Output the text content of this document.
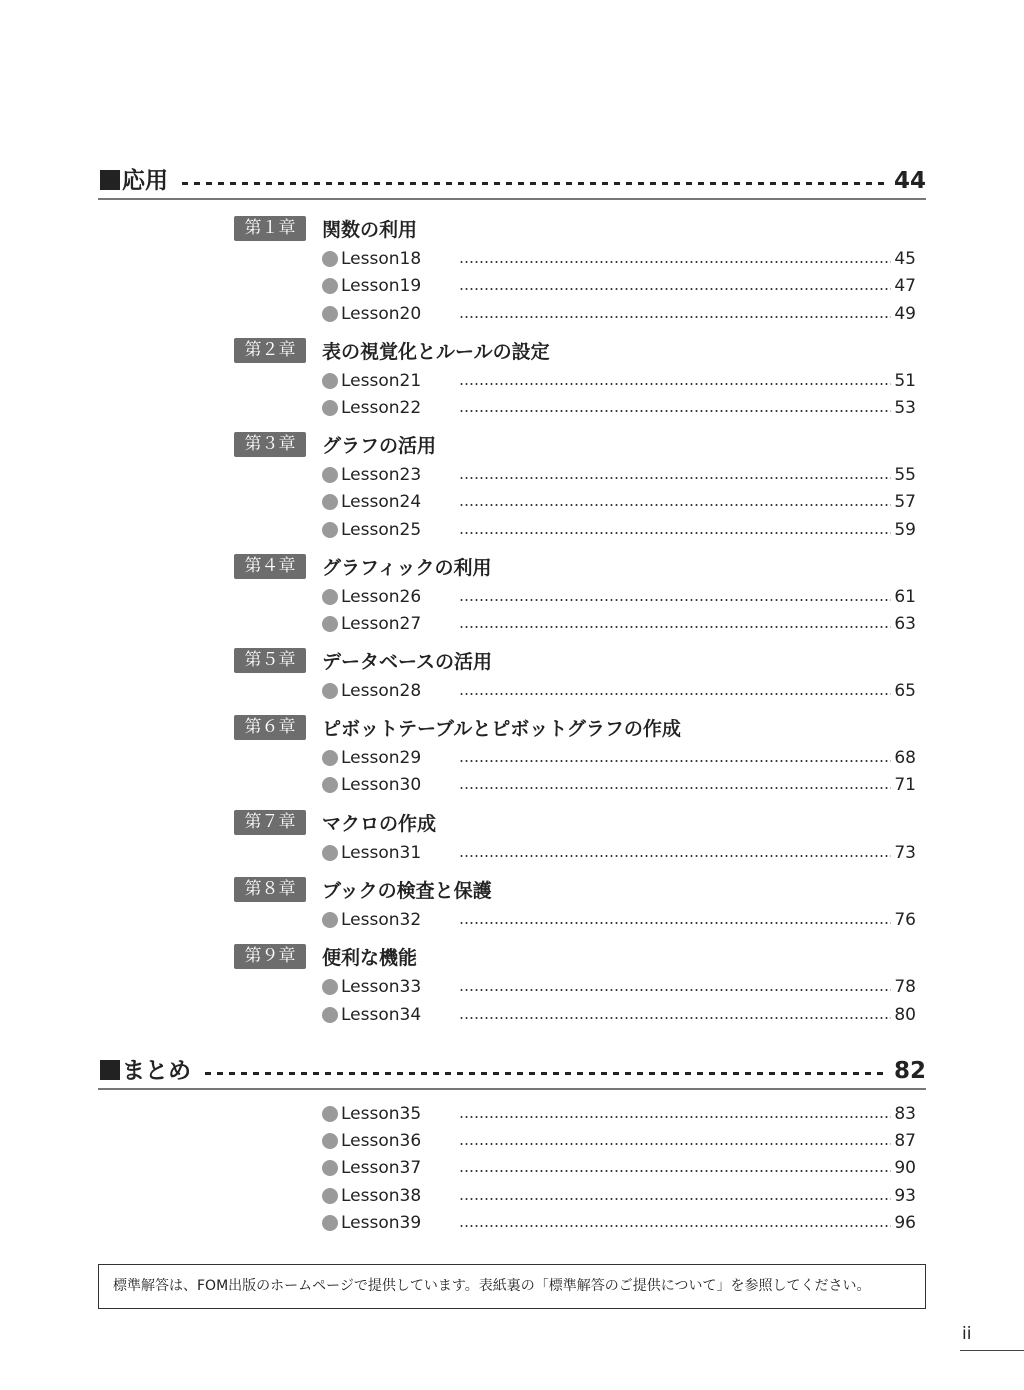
応用	44
第１章	関数の利用
Lesson18	45
Lesson19	47
Lesson20	49
第２章	表の視覚化とルールの設定
Lesson21	51
Lesson22	53
第３章	グラフの活用
Lesson23	55
Lesson24	57
Lesson25	59
第４章	グラフィックの利用
Lesson26	61
Lesson27	63
第５章	データベースの活用
Lesson28	65
第６章	ピボットテーブルとピボットグラフの作成
Lesson29	68
Lesson30	71
第７章	マクロの作成
Lesson31	73
第８章	ブックの検査と保護
Lesson32	76
第９章	便利な機能
Lesson33	78
Lesson34	80
まとめ	82
Lesson35	83
Lesson36	87
Lesson37	90
Lesson38	93
Lesson39	96
標準解答は、FOM出版のホームページで提供しています。表紙裏の「標準解答のご提供について」を参照してください。
ii
